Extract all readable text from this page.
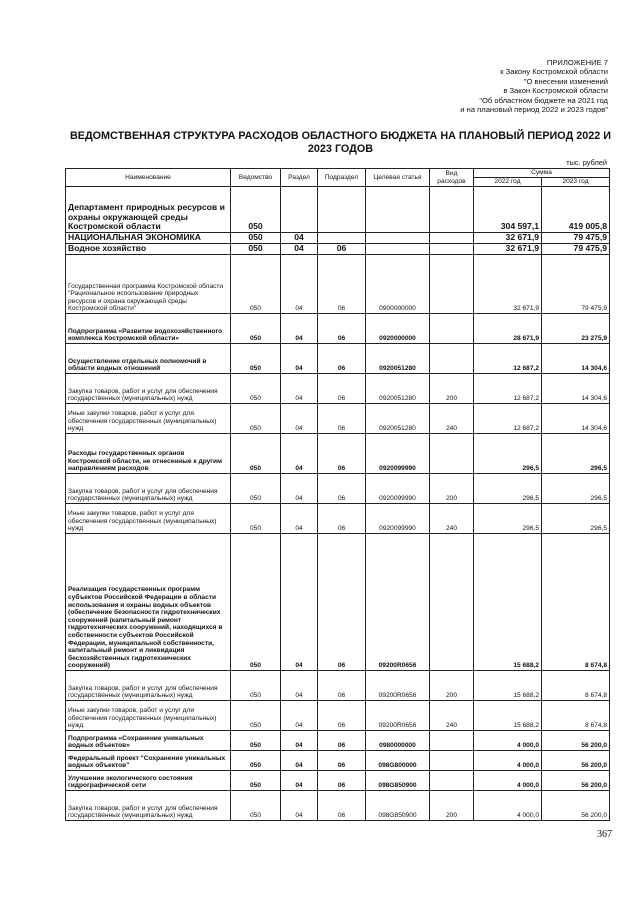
ПРИЛОЖЕНИЕ 7
к Закону Костромской области
"О внесении изменений
в Закон Костромской области
"Об областном бюджете на 2021 год
и на плановый период 2022 и 2023 годов"
ВЕДОМСТВЕННАЯ СТРУКТУРА РАСХОДОВ ОБЛАСТНОГО БЮДЖЕТА НА ПЛАНОВЫЙ ПЕРИОД 2022 И 2023 ГОДОВ
тыс. рублей
Наименование	Ведомство	Раздел	Подраздел	Целевая статья	Вид расходов	Сумма	
						2022 год	2023 год
Департамент природных ресурсов и охраны окружающей среды Костромской области	050					304 597,1	419 005,8
НАЦИОНАЛЬНАЯ ЭКОНОМИКА	050	04				32 671,9	79 475,9
Водное хозяйство	050	04	06			32 671,9	79 475,9
Государственная программа Костромской области "Рациональное использование природных ресурсов и охрана окружающей среды Костромской области"	050	04	06	0900000000		32 671,9	79 475,9
Подпрограмма «Развитие водохозяйственного комплекса Костромской области»	050	04	06	0920000000		28 671,9	23 275,9
Осуществление отдельных полномочий в области водных отношений	050	04	06	0920051280		12 687,2	14 304,6
Закупка товаров, работ и услуг для обеспечения государственных (муниципальных) нужд	050	04	06	0920051280	200	12 687,2	14 304,6
Иные закупки товаров, работ и услуг для обеспечения государственных (муниципальных) нужд	050	04	06	0920051280	240	12 687,2	14 304,6
Расходы государственных органов Костромской области, не отнесенные к другим направлениям расходов	050	04	06	0920099990		296,5	296,5
Закупка товаров, работ и услуг для обеспечения государственных (муниципальных) нужд	050	04	06	0920099990	200	296,5	296,5
Иные закупки товаров, работ и услуг для обеспечения государственных (муниципальных) нужд	050	04	06	0920099990	240	296,5	296,5
Реализация государственных программ субъектов Российской Федерации в области использования и охраны водных объектов (обеспечение безопасности гидротехнических сооружений (капитальный ремонт гидротехнических сооружений, находящихся в собственности субъектов Российской Федерации, муниципальной собственности, капитальный ремонт и ликвидация бесхозяйственных гидротехнических сооружений)	050	04	06	09200R0656		15 688,2	8 674,8
Закупка товаров, работ и услуг для обеспечения государственных (муниципальных) нужд	050	04	06	09200R0656	200	15 688,2	8 674,8
Иные закупки товаров, работ и услуг для обеспечения государственных (муниципальных) нужд	050	04	06	09200R0656	240	15 688,2	8 674,8
Подпрограмма «Сохранение уникальных водных объектов»	050	04	06	0980000000		4 000,0	56 200,0
Федеральный проект "Сохранение уникальных водных объектов"	050	04	06	098G800000		4 000,0	56 200,0
Улучшение экологического состояния гидрографической сети	050	04	06	098G850900		4 000,0	56 200,0
Закупка товаров, работ и услуг для обеспечения государственных (муниципальных) нужд	050	04	06	098G850900	200	4 000,0	56 200,0
367
